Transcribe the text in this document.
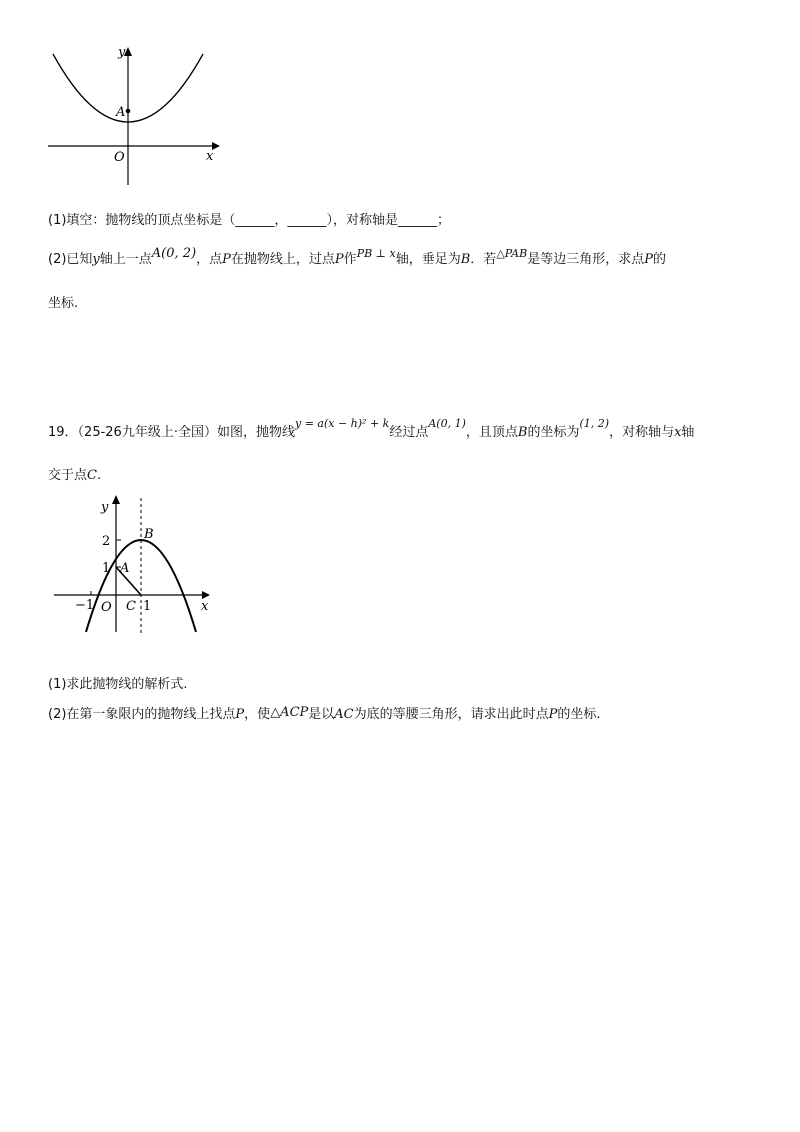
y
x
O
A
(1)填空：抛物线的顶点坐标是（______，______），对称轴是______；
(2)已知y轴上一点A(0, 2)，点P在抛物线上，过点P作$^{PB \perp x}$轴，垂足为B．若$^{\triangle PAB}$是等边三角形，求点P的
坐标.
19．（25-26九年级上·全国）如图，抛物线$^{y = a(x - h)^2 + k}$经过点$^{A(0, 1)}$，且顶点B的坐标为$^{(1, 2)}$，对称轴与x轴
交于点C.
y
x
O
2
1
−1	1
A
B
C
(1)求此抛物线的解析式.
(2)在第一象限内的抛物线上找点P，使△ACP是以AC为底的等腰三角形，请求出此时点P的坐标.
